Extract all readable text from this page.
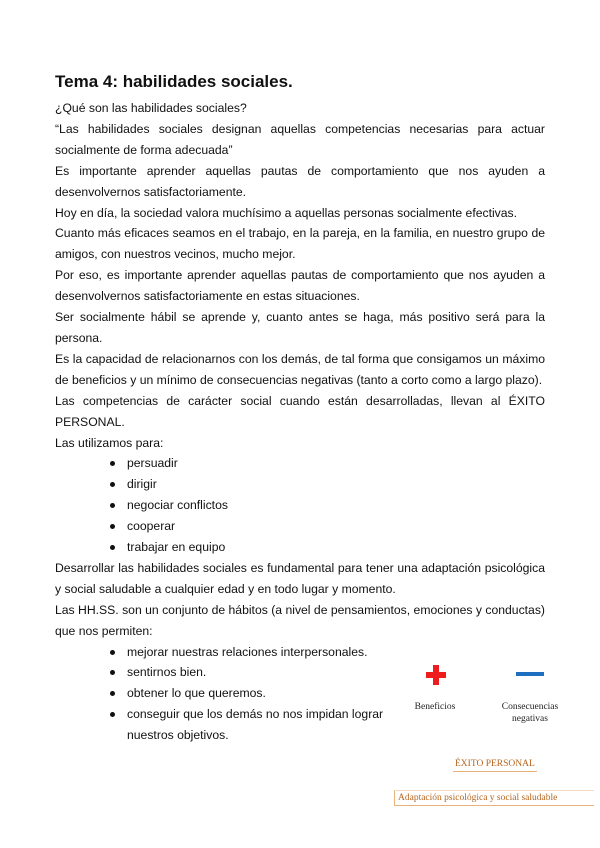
Tema 4: habilidades sociales.

¿Qué son las habilidades sociales?

“Las habilidades sociales designan aquellas competencias necesarias para actuar socialmente de forma adecuada”

Es importante aprender aquellas pautas de comportamiento que nos ayuden a desenvolvernos satisfactoriamente.

Hoy en día, la sociedad valora muchísimo a aquellas personas socialmente efectivas.

Cuanto más eficaces seamos en el trabajo, en la pareja, en la familia, en nuestro grupo de amigos, con nuestros vecinos, mucho mejor.

Por eso, es importante aprender aquellas pautas de comportamiento que nos ayuden a desenvolvernos satisfactoriamente en estas situaciones.

Ser socialmente hábil se aprende y, cuanto antes se haga, más positivo será para la persona.

Es la capacidad de relacionarnos con los demás, de tal forma que consigamos un máximo de beneficios y un mínimo de consecuencias negativas (tanto a corto como a largo plazo).

Las competencias de carácter social cuando están desarrolladas, llevan al ÉXITO PERSONAL.

Las utilizamos para:

persuadir
dirigir
negociar conflictos
cooperar
trabajar en equipo

Desarrollar las habilidades sociales es fundamental para tener una adaptación psicológica y social saludable a cualquier edad y en todo lugar y momento.

Las HH.SS. son un conjunto de hábitos (a nivel de pensamientos, emociones y conductas) que nos permiten:

mejorar nuestras relaciones interpersonales.
sentirnos bien.
obtener lo que queremos.
conseguir que los demás no nos impidan lograr nuestros objetivos.
Beneficios	Consecuencias negativas
ÉXITO PERSONAL
Adaptación psicológica y social saludable
